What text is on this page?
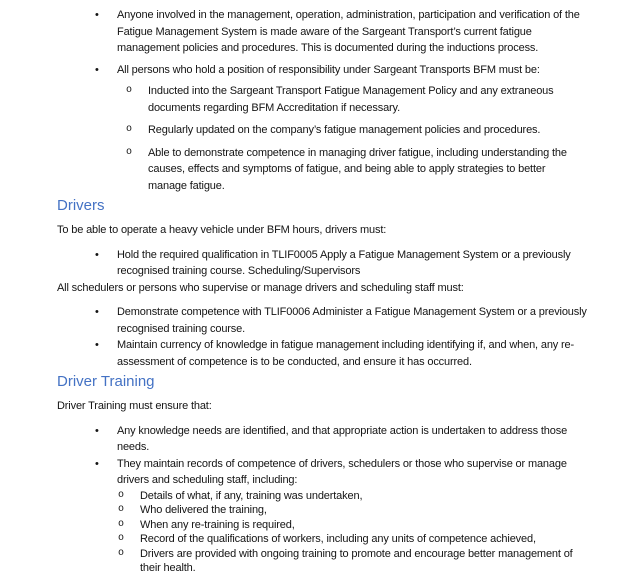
•	Anyone involved in the management, operation, administration, participation and verification of the Fatigue Management System is made aware of the Sargeant Transport’s current fatigue management policies and procedures. This is documented during the inductions process.
•	All persons who hold a position of responsibility under Sargeant Transports BFM must be:
o	Inducted into the Sargeant Transport Fatigue Management Policy and any extraneous documents regarding BFM Accreditation if necessary.
o	Regularly updated on the company’s fatigue management policies and procedures.
o	Able to demonstrate competence in managing driver fatigue, including understanding the causes, effects and symptoms of fatigue, and being able to apply strategies to better manage fatigue.
Drivers

To be able to operate a heavy vehicle under BFM hours, drivers must:

•	Hold the required qualification in TLIF0005 Apply a Fatigue Management System or a previously recognised training course. Scheduling/Supervisors

All schedulers or persons who supervise or manage drivers and scheduling staff must:

•	Demonstrate competence with TLIF0006 Administer a Fatigue Management System or a previously recognised training course.
•	Maintain currency of knowledge in fatigue management including identifying if, and when, any re-assessment of competence is to be conducted, and ensure it has occurred.
Driver Training

Driver Training must ensure that:

•	Any knowledge needs are identified, and that appropriate action is undertaken to address those needs.
•	They maintain records of competence of drivers, schedulers or those who supervise or manage drivers and scheduling staff, including:
o	Details of what, if any, training was undertaken,
o	Who delivered the training,
o	When any re-training is required,
o	Record of the qualifications of workers, including any units of competence achieved,
o	Drivers are provided with ongoing training to promote and encourage better management of their health.
